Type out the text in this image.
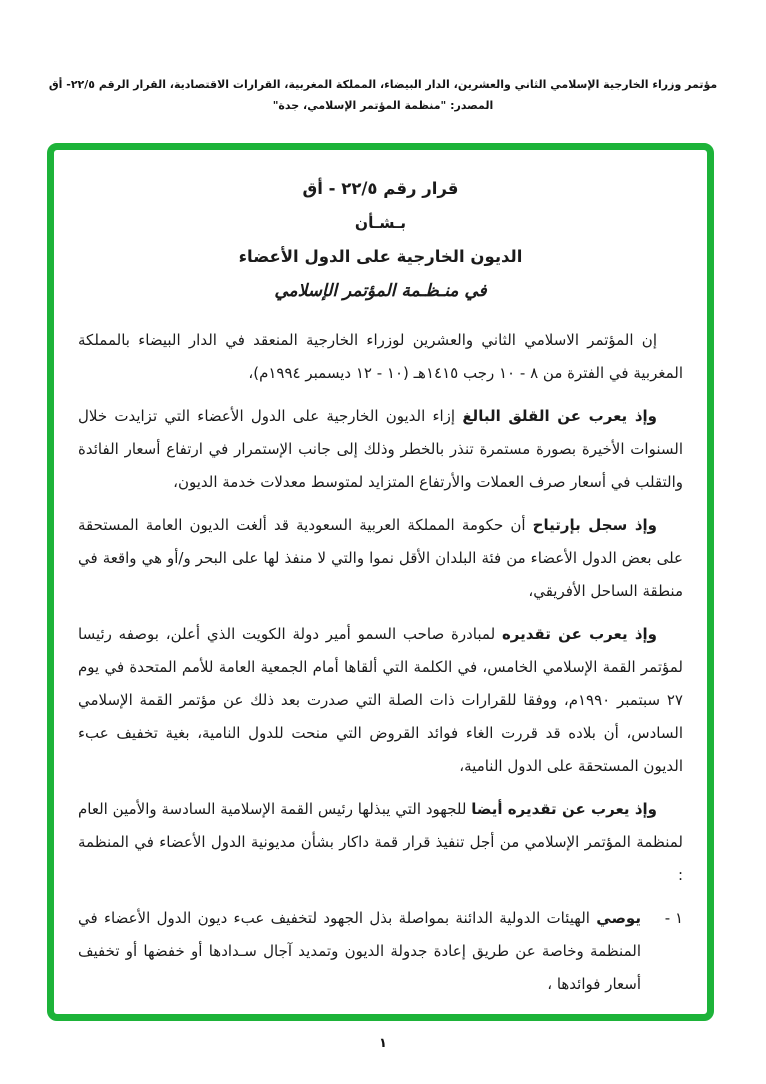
مؤتمر وزراء الخارجية الإسلامي الثاني والعشرين، الدار البيضاء، المملكة المغربية، القرارات الاقتصادية، القرار الرقم ٢٢/٥- أق
المصدر: "منظمة المؤتمر الإسلامي، جدة"
قرار رقم ٢٢/٥ - أق
بـشـأن
الديون الخارجية على الدول الأعضاء
في منـظـمة المؤتمر الإسلامي

إن المؤتمر الاسلامي الثاني والعشرين لوزراء الخارجية المنعقد في الدار البيضاء بالمملكة المغربية في الفترة من ٨ - ١٠ رجب ١٤١٥هـ (١٠ - ١٢ ديسمبر ١٩٩٤م)،

وإذ يعرب عن القلق البالغ إزاء الديون الخارجية على الدول الأعضاء التي تزايدت خلال السنوات الأخيرة بصورة مستمرة تنذر بالخطر وذلك إلى جانب الإستمرار في ارتفاع أسعار الفائدة والتقلب في أسعار صرف العملات والأرتفاع المتزايد لمتوسط معدلات خدمة الديون،

وإذ سجل بإرتياح أن حكومة المملكة العربية السعودية قد ألغت الديون العامة المستحقة على بعض الدول الأعضاء من فئة البلدان الأقل نموا والتي لا منفذ لها على البحر و/أو هي واقعة في منطقة الساحل الأفريقي،

وإذ يعرب عن تقديره لمبادرة صاحب السمو أمير دولة الكويت الذي أعلن، بوصفه رئيسا لمؤتمر القمة الإسلامي الخامس، في الكلمة التي ألقاها أمام الجمعية العامة للأمم المتحدة في يوم ٢٧ سبتمبر ١٩٩٠م، ووفقا للقرارات ذات الصلة التي صدرت بعد ذلك عن مؤتمر القمة الإسلامي السادس، أن بلاده قد قررت الغاء فوائد القروض التي منحت للدول النامية، بغية تخفيف عبء الديون المستحقة على الدول النامية،

وإذ يعرب عن تقديره أيضا للجهود التي يبذلها رئيس القمة الإسلامية السادسة والأمين العام لمنظمة المؤتمر الإسلامي من أجل تنفيذ قرار قمة داكار بشأن مديونية الدول الأعضاء في المنظمة :

١ -

يوصي الهيئات الدولية الدائنة بمواصلة بذل الجهود لتخفيف عبء ديون الدول الأعضاء في المنظمة وخاصة عن طريق إعادة جدولة الديون وتمديد آجال سـدادها أو خفضها أو تخفيف أسعار فوائدها ،

١
